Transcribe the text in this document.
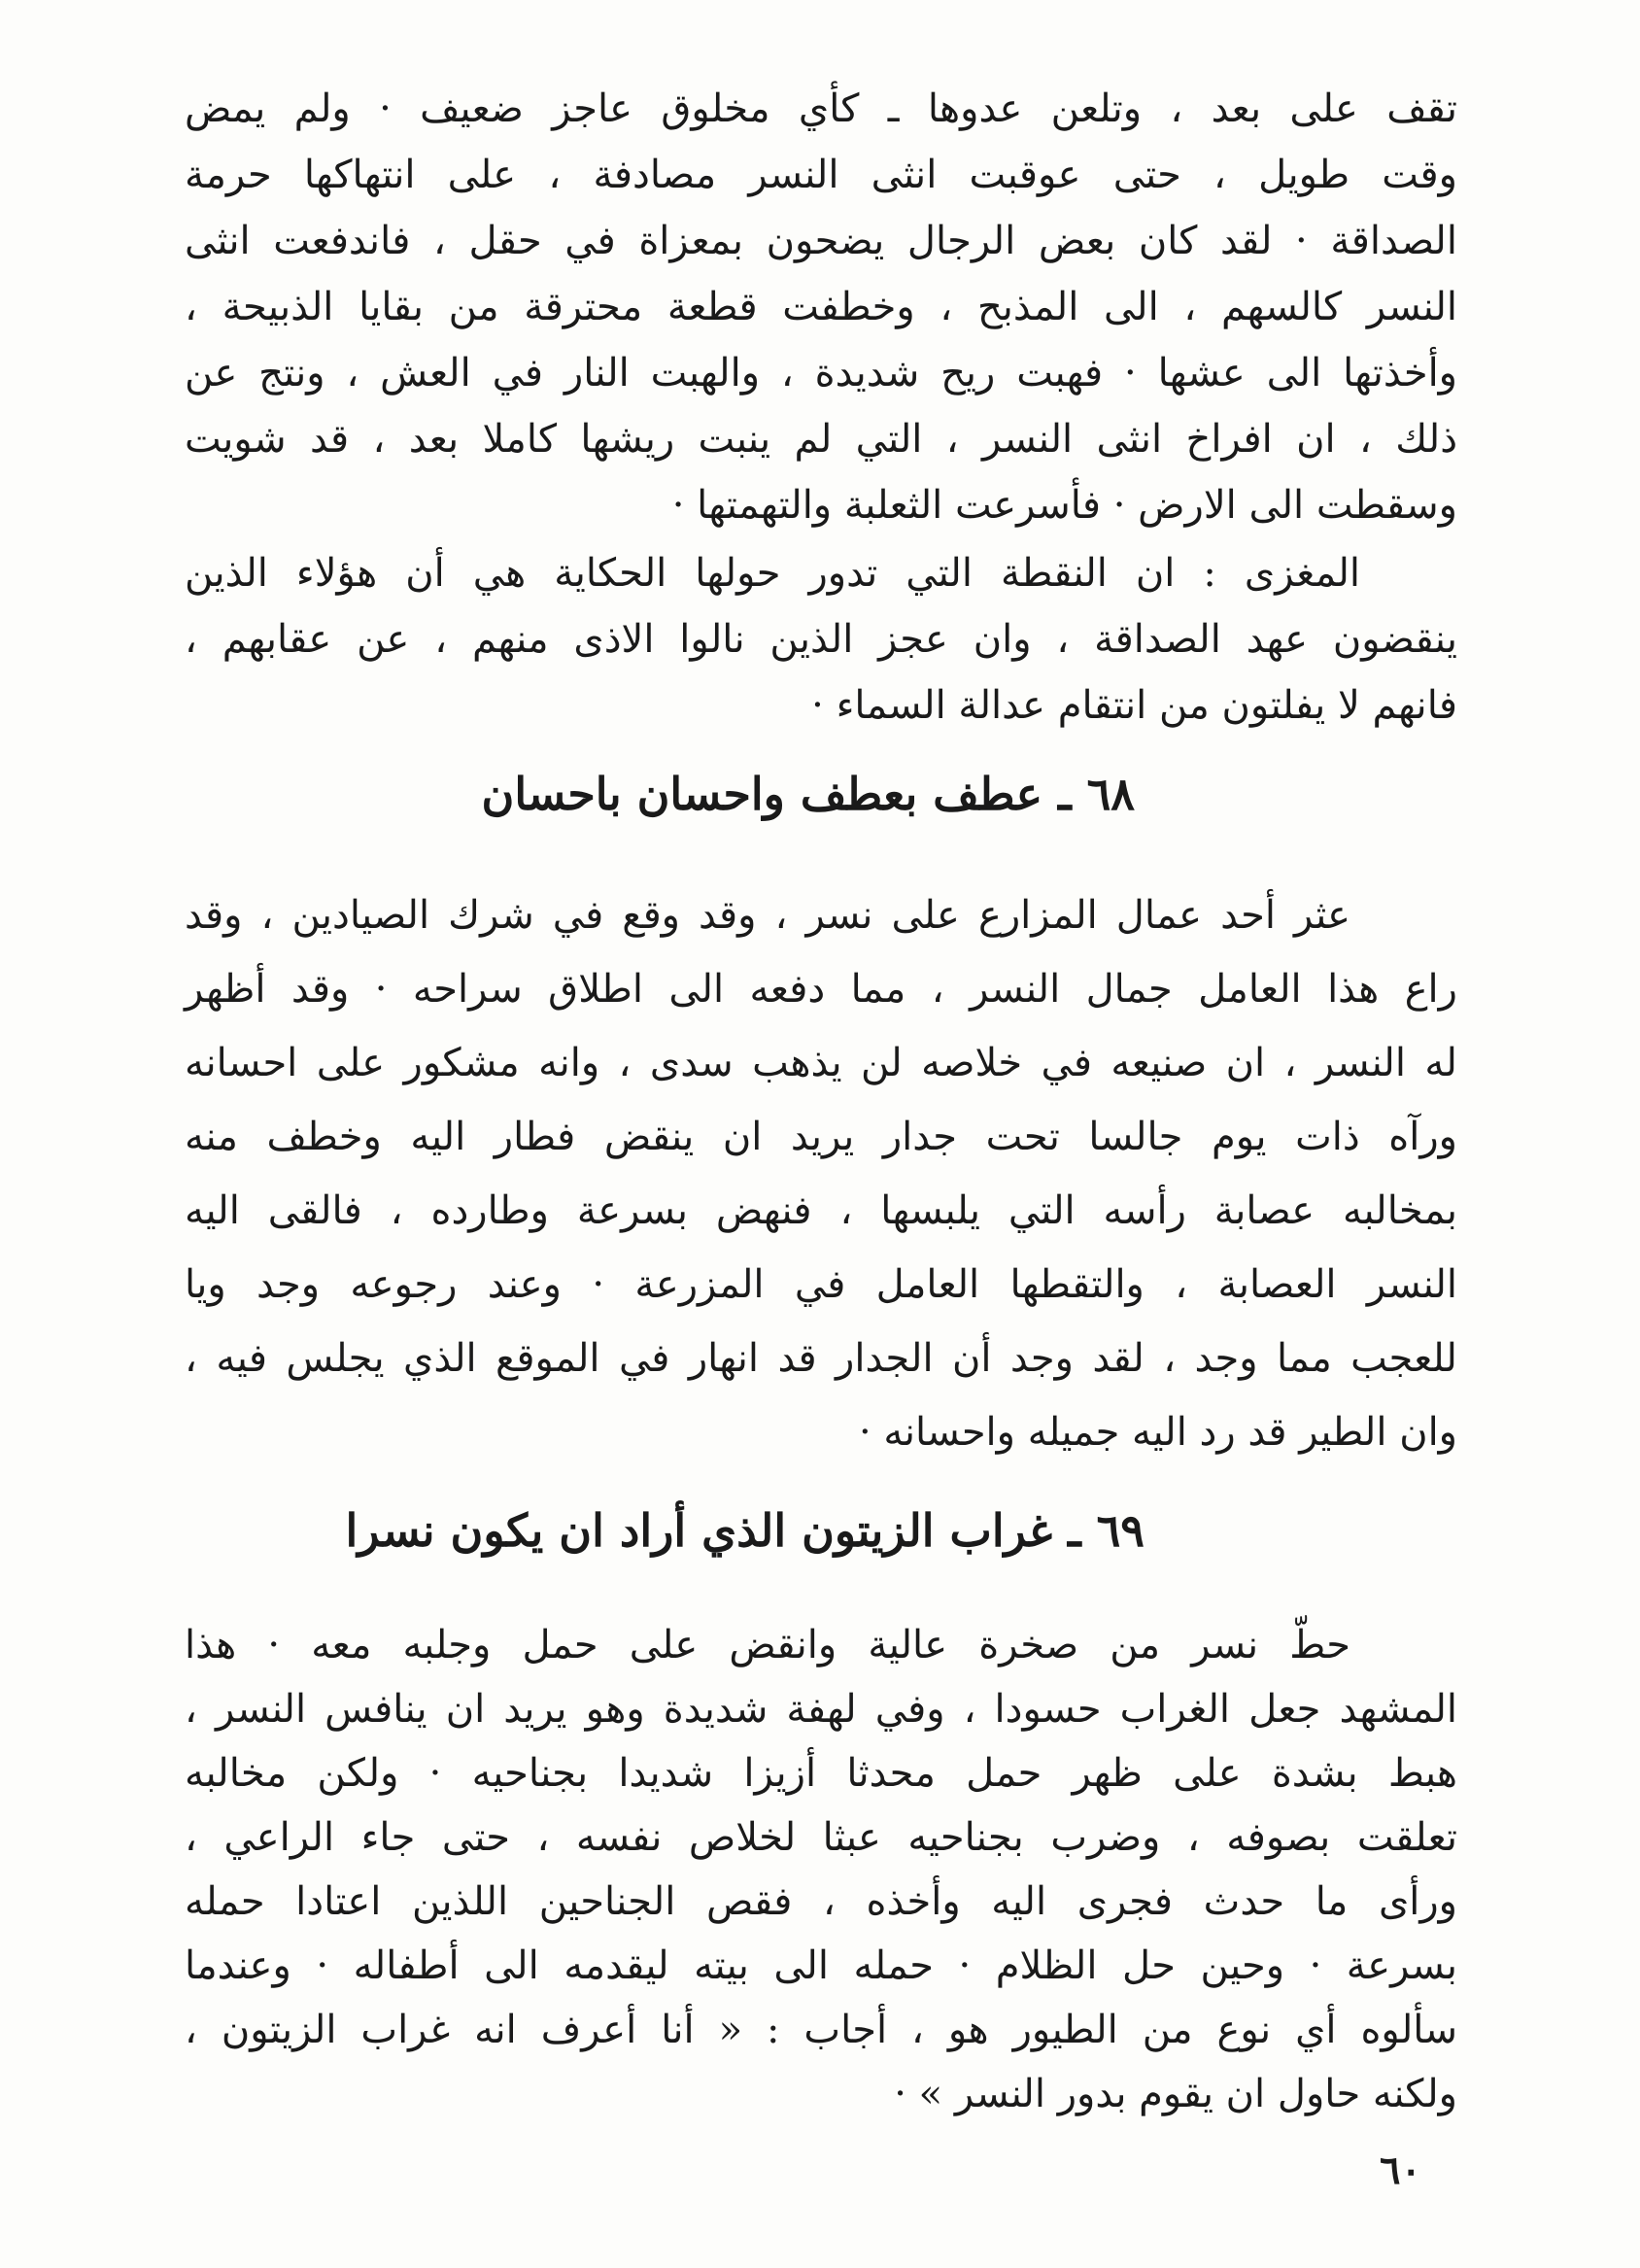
تقف على بعد ، وتلعن عدوها ـ كأي مخلوق عاجز ضعيف · ولم يمض
وقت طويل ، حتى عوقبت انثى النسر مصادفة ، على انتهاكها حرمة
الصداقة · لقد كان بعض الرجال يضحون بمعزاة في حقل ، فاندفعت انثى
النسر كالسهم ، الى المذبح ، وخطفت قطعة محترقة من بقايا الذبيحة ،
وأخذتها الى عشها · فهبت ريح شديدة ، والهبت النار في العش ، ونتج عن
ذلك ، ان افراخ انثى النسر ، التي لم ينبت ريشها كاملا بعد ، قد شويت
وسقطت الى الارض · فأسرعت الثعلبة والتهمتها ·
المغزى : ان النقطة التي تدور حولها الحكاية هي أن هؤلاء الذين
ينقضون عهد الصداقة ، وان عجز الذين نالوا الاذى منهم ، عن عقابهم ،
فانهم لا يفلتون من انتقام عدالة السماء ·
٦٨ ـ عطف بعطف واحسان باحسان
عثر أحد عمال المزارع على نسر ، وقد وقع في شرك الصيادين ، وقد
راع هذا العامل جمال النسر ، مما دفعه الى اطلاق سراحه · وقد أظهر
له النسر ، ان صنيعه في خلاصه لن يذهب سدى ، وانه مشكور على احسانه
ورآه ذات يوم جالسا تحت جدار يريد ان ينقض فطار اليه وخطف منه
بمخالبه عصابة رأسه التي يلبسها ، فنهض بسرعة وطارده ، فالقى اليه
النسر العصابة ، والتقطها العامل في المزرعة · وعند رجوعه وجد ويا
للعجب مما وجد ، لقد وجد أن الجدار قد انهار في الموقع الذي يجلس فيه ،
وان الطير قد رد اليه جميله واحسانه ·
٦٩ ـ غراب الزيتون الذي أراد ان يكون نسرا
حطّ نسر من صخرة عالية وانقض على حمل وجلبه معه · هذا
المشهد جعل الغراب حسودا ، وفي لهفة شديدة وهو يريد ان ينافس النسر ،
هبط بشدة على ظهر حمل محدثا أزيزا شديدا بجناحيه · ولكن مخالبه
تعلقت بصوفه ، وضرب بجناحيه عبثا لخلاص نفسه ، حتى جاء الراعي ،
ورأى ما حدث فجرى اليه وأخذه ، فقص الجناحين اللذين اعتادا حمله
بسرعة · وحين حل الظلام · حمله الى بيته ليقدمه الى أطفاله · وعندما
سألوه أي نوع من الطيور هو ، أجاب : « أنا أعرف انه غراب الزيتون ،
ولكنه حاول ان يقوم بدور النسر » ·
٦٠
